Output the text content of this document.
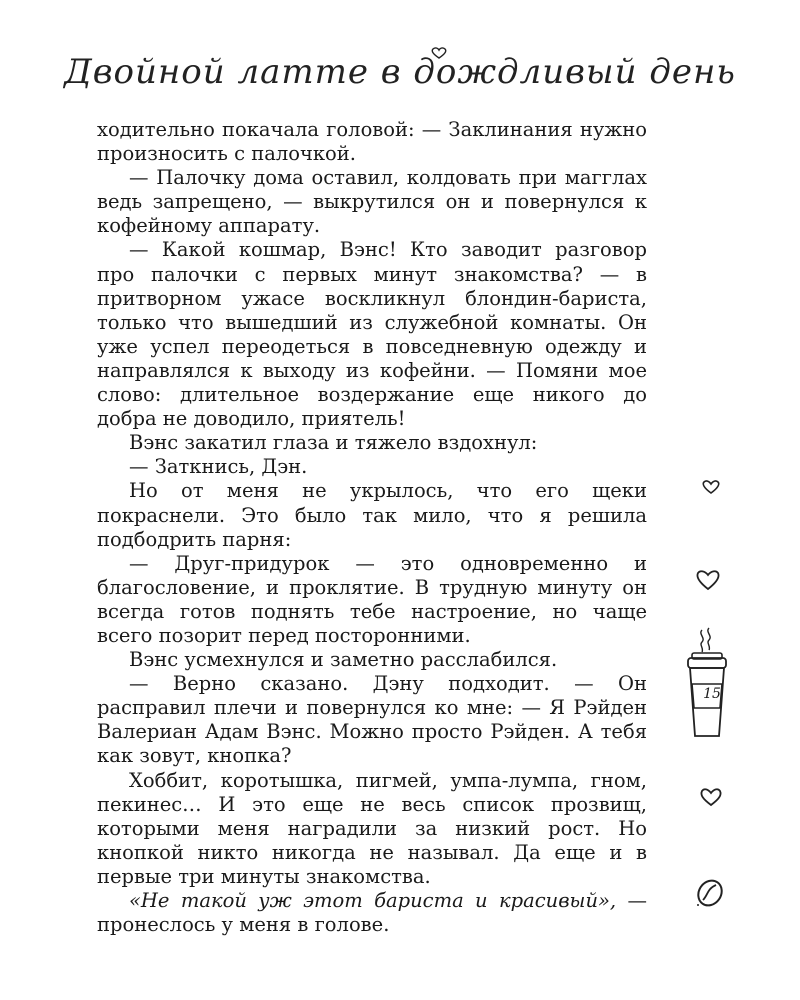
Двойной латте в дождливый день

ходительно покачала головой: — Заклинания нужно произносить с палочкой.

— Палочку дома оставил, колдовать при магглах ведь запрещено, — выкрутился он и повернулся к кофейному аппарату.

— Какой кошмар, Вэнс! Кто заводит разговор про палочки с первых минут знакомства? — в притворном ужасе воскликнул блондин-бариста, только что вышедший из служебной комнаты. Он уже успел переодеться в повседневную одежду и направлялся к выходу из кофейни. — Помяни мое слово: длительное воздержание еще никого до добра не доводило, приятель!

Вэнс закатил глаза и тяжело вздохнул:

— Заткнись, Дэн.

Но от меня не укрылось, что его щеки покраснели. Это было так мило, что я решила подбодрить парня:

— Друг-придурок — это одновременно и благословение, и проклятие. В трудную минуту он всегда готов поднять тебе настроение, но чаще всего позорит перед посторонними.

Вэнс усмехнулся и заметно расслабился.

— Верно сказано. Дэну подходит. — Он расправил плечи и повернулся ко мне: — Я Рэйден Валериан Адам Вэнс. Можно просто Рэйден. А тебя как зовут, кнопка?

Хоббит, коротышка, пигмей, умпа-лумпа, гном, пекинес… И это еще не весь список прозвищ, которыми меня наградили за низкий рост. Но кнопкой никто никогда не называл. Да еще и в первые три минуты знакомства.

«Не такой уж этот бариста и красивый», — пронеслось у меня в голове.

15
